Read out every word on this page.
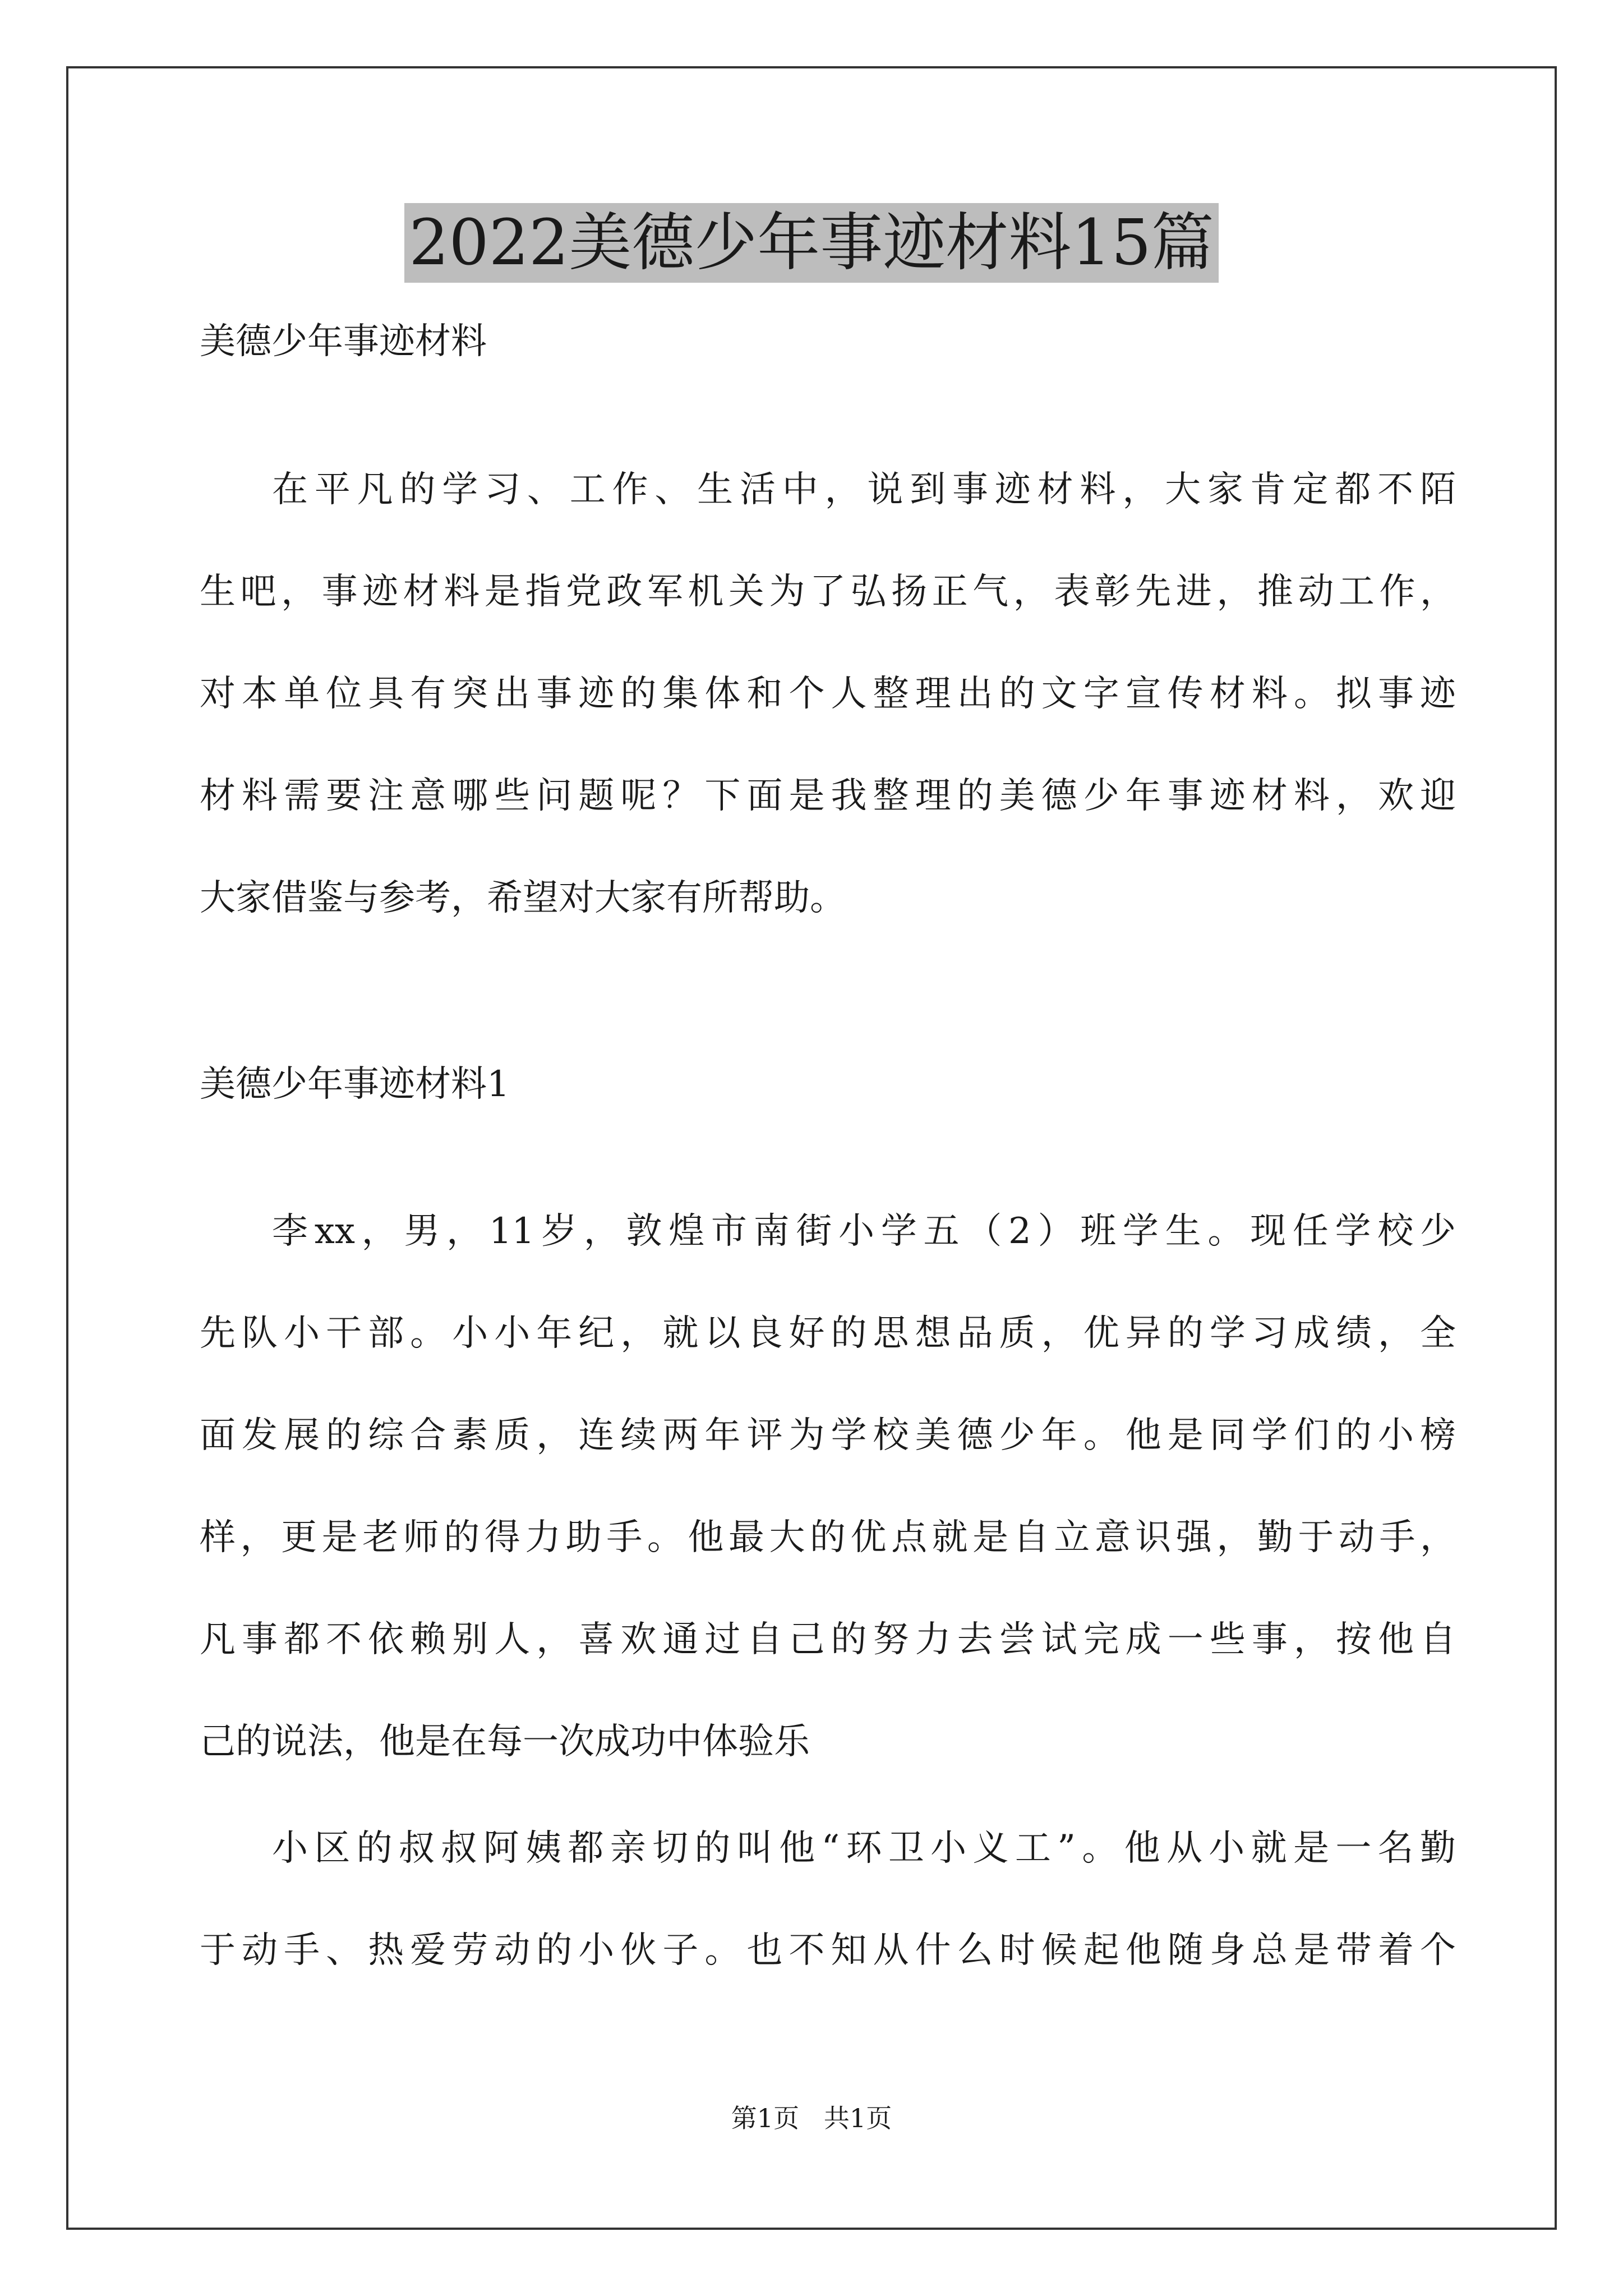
2022美德少年事迹材料15篇
美德少年事迹材料
在平凡的学习、工作、生活中，说到事迹材料，大家肯定都不陌
生吧，事迹材料是指党政军机关为了弘扬正气，表彰先进，推动工作，
对本单位具有突出事迹的集体和个人整理出的文字宣传材料。拟事迹
材料需要注意哪些问题呢？下面是我整理的美德少年事迹材料，欢迎
大家借鉴与参考，希望对大家有所帮助。
美德少年事迹材料1
李xx，男，11岁，敦煌市南街小学五（2）班学生。现任学校少
先队小干部。小小年纪，就以良好的思想品质，优异的学习成绩，全
面发展的综合素质，连续两年评为学校美德少年。他是同学们的小榜
样，更是老师的得力助手。他最大的优点就是自立意识强，勤于动手，
凡事都不依赖别人，喜欢通过自己的努力去尝试完成一些事，按他自
己的说法，他是在每一次成功中体验乐
小区的叔叔阿姨都亲切的叫他“环卫小义工”。他从小就是一名勤
于动手、热爱劳动的小伙子。也不知从什么时候起他随身总是带着个
第1页   共1页
